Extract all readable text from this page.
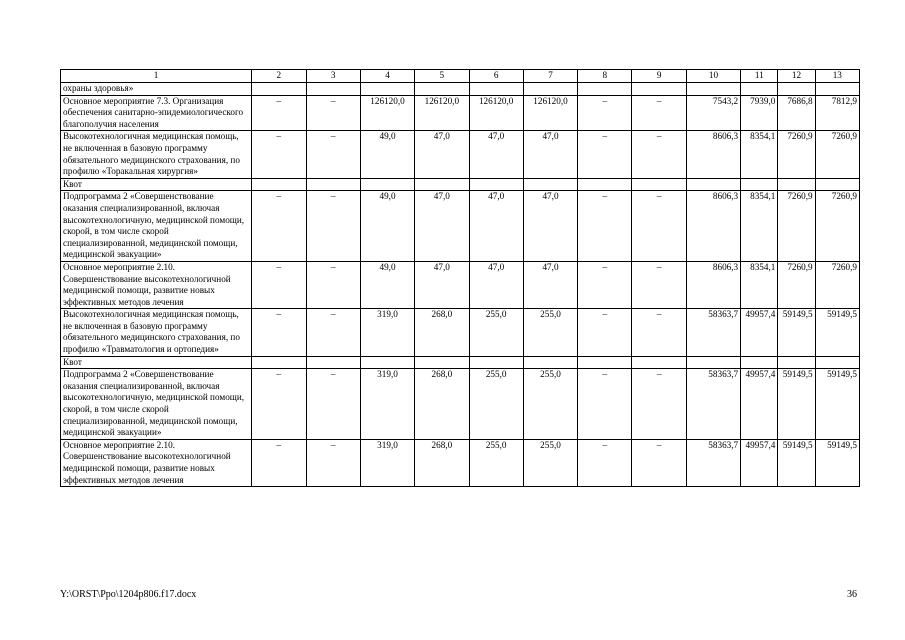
1	2	3	4	5	6	7	8	9	10	11	12	13
охраны здоровья»												
Основное мероприятие 7.3. Организация обеспечения санитарно-эпидемиологического благополучия населения	–	–	126120,0	126120,0	126120,0	126120,0	–	–	7543,2	7939,0	7686,8	7812,9
Высокотехнологичная медицинская помощь, не включенная в базовую программу обязательного медицинского страхования, по профилю «Торакальная хирургия»	–	–	49,0	47,0	47,0	47,0	–	–	8606,3	8354,1	7260,9	7260,9
Квот												
Подпрограмма 2 «Совершенствование оказания специализированной, включая высокотехнологичную, медицинской помощи, скорой, в том числе скорой специализированной, медицинской помощи, медицинской эвакуации»	–	–	49,0	47,0	47,0	47,0	–	–	8606,3	8354,1	7260,9	7260,9
Основное мероприятие 2.10. Совершенствование высокотехнологичной медицинской помощи, развитие новых эффективных методов лечения	–	–	49,0	47,0	47,0	47,0	–	–	8606,3	8354,1	7260,9	7260,9
Высокотехнологичная медицинская помощь, не включенная в базовую программу обязательного медицинского страхования, по профилю «Травматология и ортопедия»	–	–	319,0	268,0	255,0	255,0	–	–	58363,7	49957,4	59149,5	59149,5
Квот												
Подпрограмма 2 «Совершенствование оказания специализированной, включая высокотехнологичную, медицинской помощи, скорой, в том числе скорой специализированной, медицинской помощи, медицинской эвакуации»	–	–	319,0	268,0	255,0	255,0	–	–	58363,7	49957,4	59149,5	59149,5
Основное мероприятие 2.10. Совершенствование высокотехнологичной медицинской помощи, развитие новых эффективных методов лечения	–	–	319,0	268,0	255,0	255,0	–	–	58363,7	49957,4	59149,5	59149,5
Y:\ORST\Ppo\1204p806.f17.docx	36
